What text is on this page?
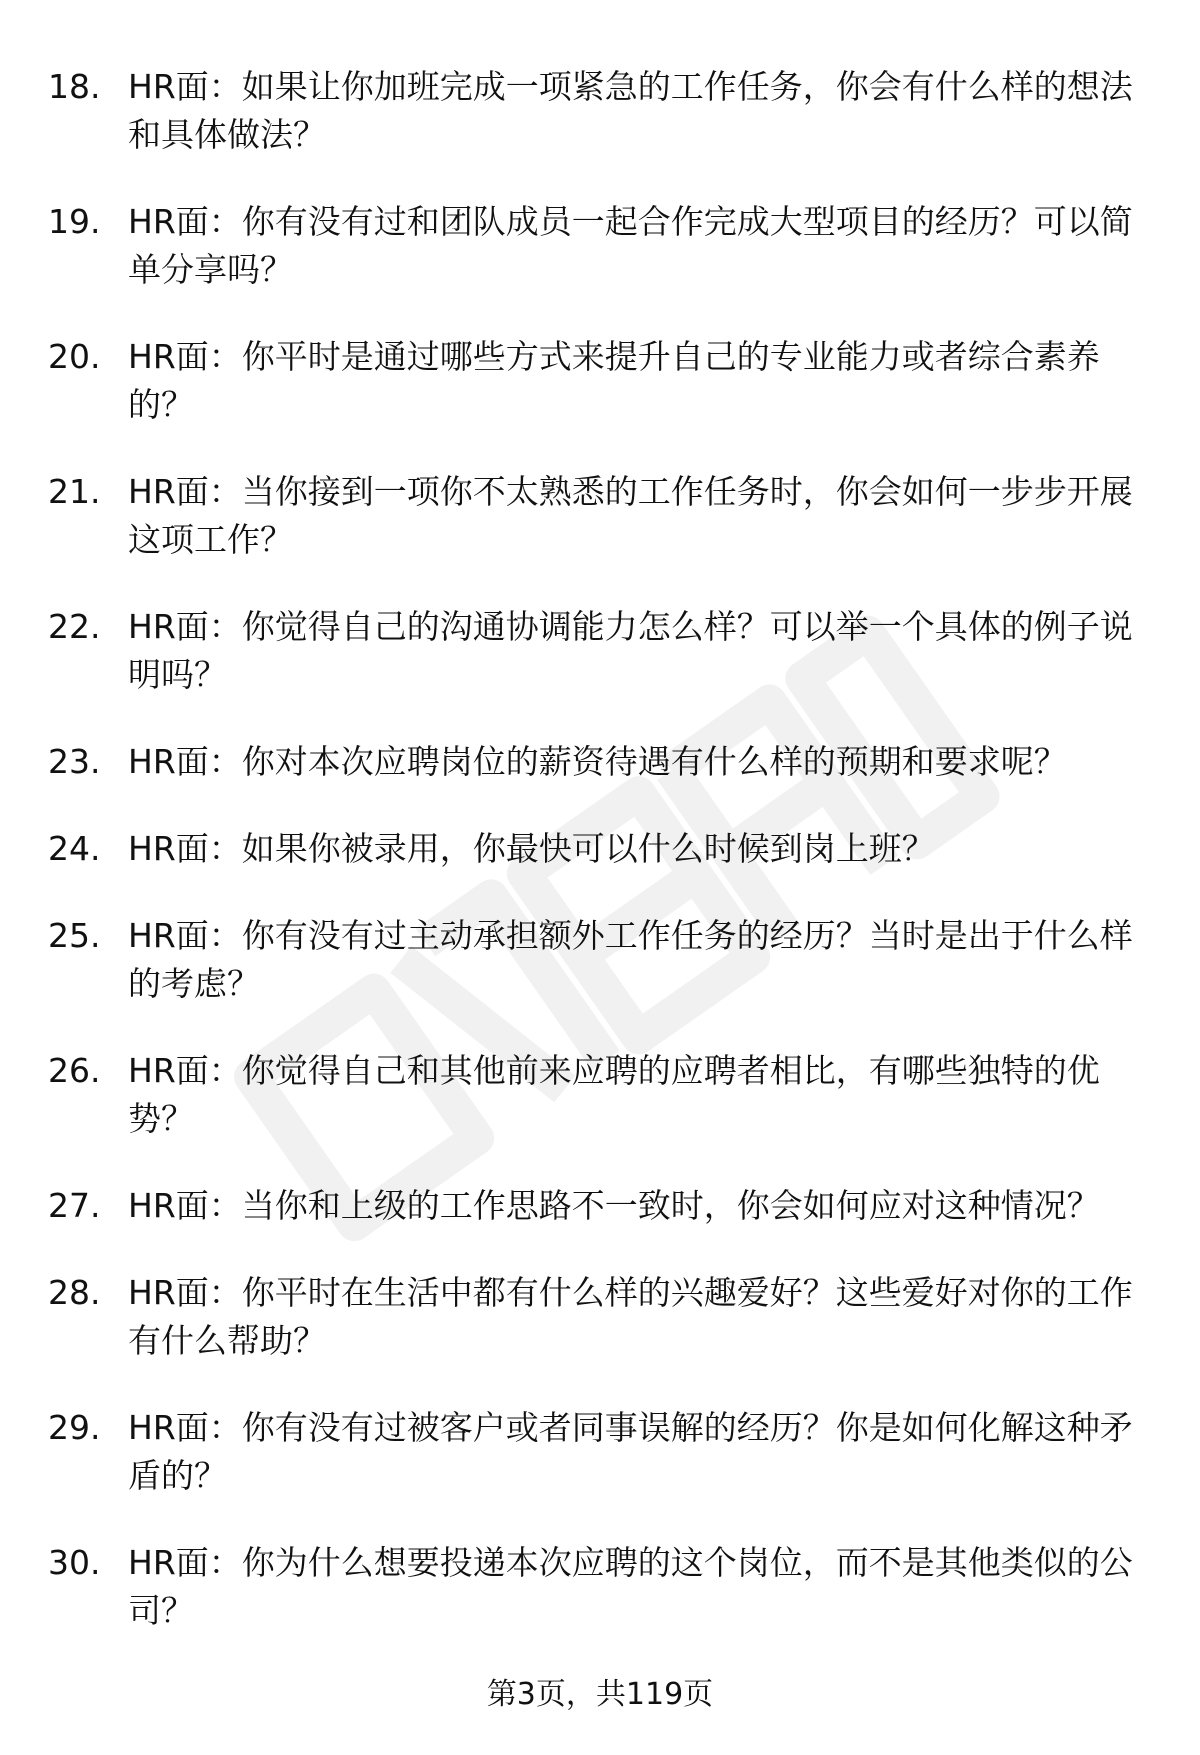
18. HR面：如果让你加班完成一项紧急的工作任务，你会有什么样的想法和具体做法？
19. HR面：你有没有过和团队成员一起合作完成大型项目的经历？可以简单分享吗？
20. HR面：你平时是通过哪些方式来提升自己的专业能力或者综合素养的？
21. HR面：当你接到一项你不太熟悉的工作任务时，你会如何一步步开展这项工作？
22. HR面：你觉得自己的沟通协调能力怎么样？可以举一个具体的例子说明吗？
23. HR面：你对本次应聘岗位的薪资待遇有什么样的预期和要求呢？
24. HR面：如果你被录用，你最快可以什么时候到岗上班？
25. HR面：你有没有过主动承担额外工作任务的经历？当时是出于什么样的考虑？
26. HR面：你觉得自己和其他前来应聘的应聘者相比，有哪些独特的优势？
27. HR面：当你和上级的工作思路不一致时，你会如何应对这种情况？
28. HR面：你平时在生活中都有什么样的兴趣爱好？这些爱好对你的工作有什么帮助？
29. HR面：你有没有过被客户或者同事误解的经历？你是如何化解这种矛盾的？
30. HR面：你为什么想要投递本次应聘的这个岗位，而不是其他类似的公司？
第3页，共119页
